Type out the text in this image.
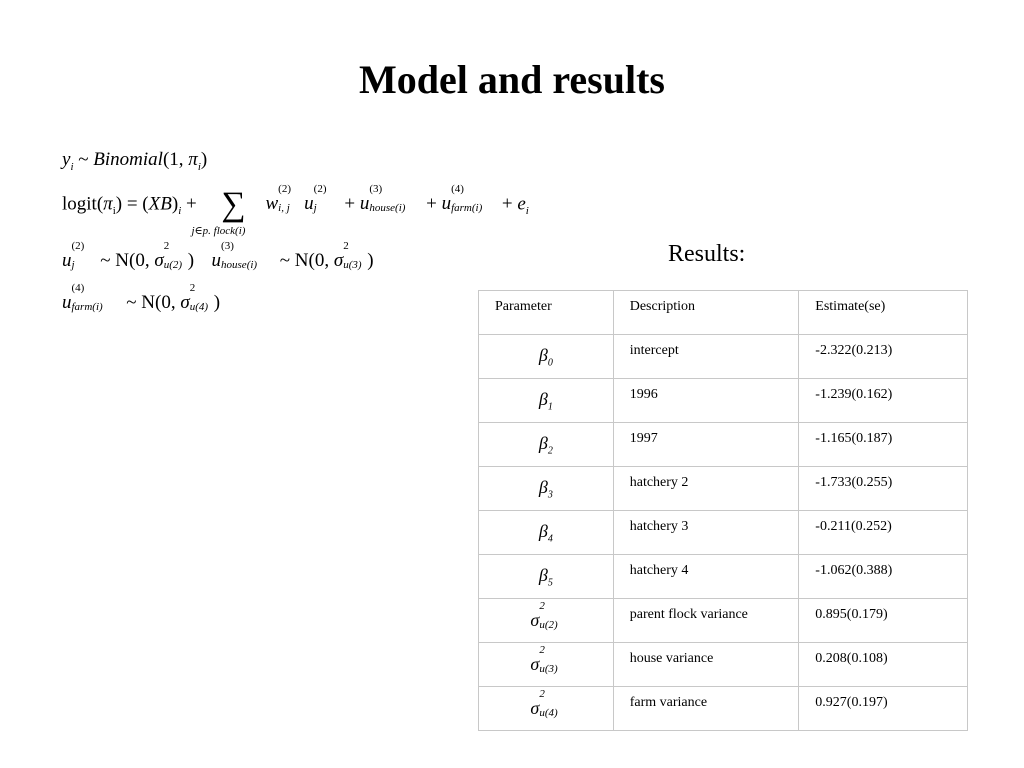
Model and results
$y_i$ ~ Binomial(1, $\pi_i$)
$logit(\pi_i) = (XB)_i$ + ∑
j∈p. flock(i)
w
(2)
i, j u
(2)
j + u
(3)
house(i) + u
(4)
farm(i) + $e_i$
u
(2)
j ~ N(0, σ
2
u(2) ) u
(3)
house(i) ~ N(0, σ
2
u(3) )
u
(4)
farm(i) ~ N(0, σ
2
u(4) )
Results:
Parameter	Description	Estimate(se)
$\beta_0$	intercept	-2.322(0.213)
$\beta_1$	1996	-1.239(0.162)
$\beta_2$	1997	-1.165(0.187)
$\beta_3$	hatchery 2	-1.733(0.255)
$\beta_4$	hatchery 3	-0.211(0.252)
$\beta_5$	hatchery 4	-1.062(0.388)
σ
2
u(2)	parent flock variance	0.895(0.179)
σ
2
u(3)	house variance	0.208(0.108)
σ
2
u(4)	farm variance	0.927(0.197)
